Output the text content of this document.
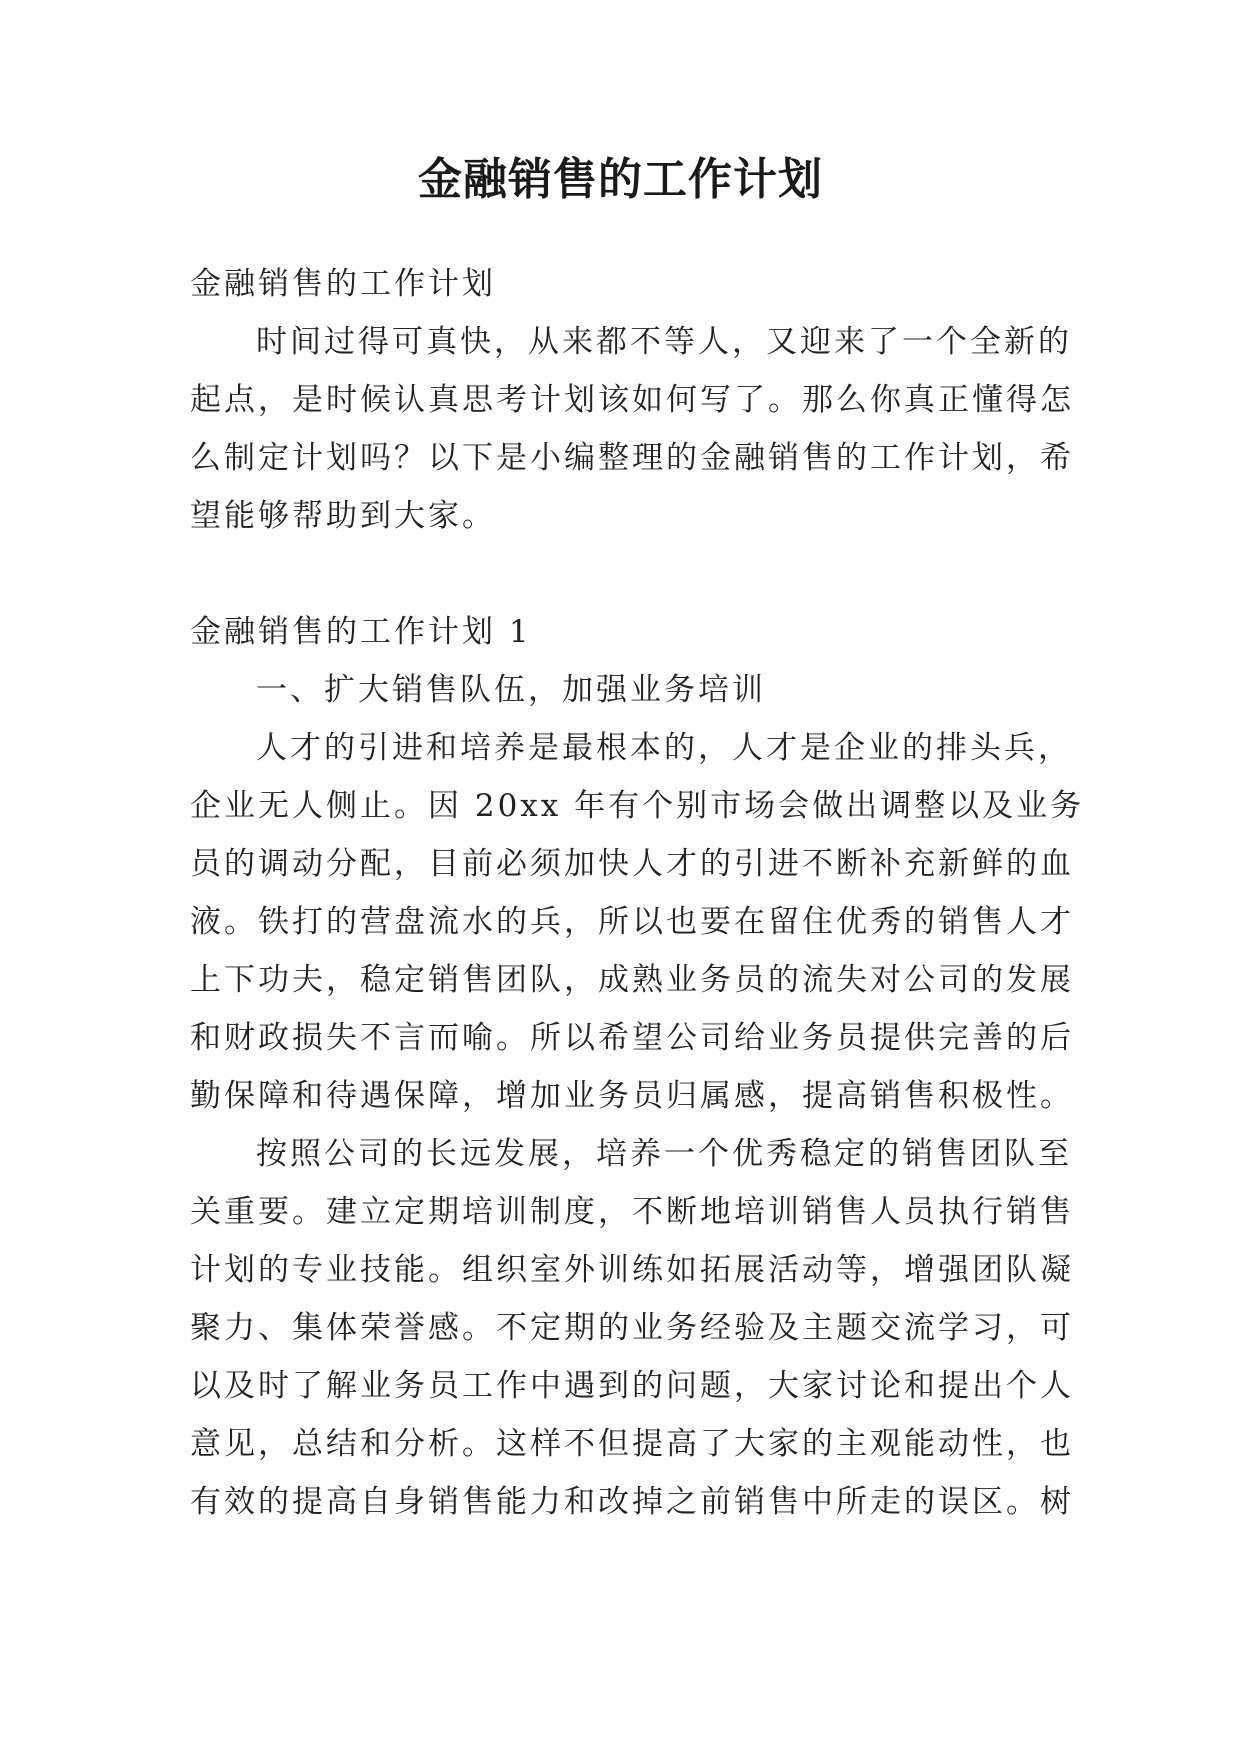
金融销售的工作计划
金融销售的工作计划
时间过得可真快，从来都不等人，又迎来了一个全新的
起点，是时候认真思考计划该如何写了。那么你真正懂得怎
么制定计划吗？以下是小编整理的金融销售的工作计划，希
望能够帮助到大家。
金融销售的工作计划 1
一、扩大销售队伍，加强业务培训
人才的引进和培养是最根本的，人才是企业的排头兵，
企业无人侧止。因 20xx 年有个别市场会做出调整以及业务
员的调动分配，目前必须加快人才的引进不断补充新鲜的血
液。铁打的营盘流水的兵，所以也要在留住优秀的销售人才
上下功夫，稳定销售团队，成熟业务员的流失对公司的发展
和财政损失不言而喻。所以希望公司给业务员提供完善的后
勤保障和待遇保障，增加业务员归属感，提高销售积极性。
按照公司的长远发展，培养一个优秀稳定的销售团队至
关重要。建立定期培训制度，不断地培训销售人员执行销售
计划的专业技能。组织室外训练如拓展活动等，增强团队凝
聚力、集体荣誉感。不定期的业务经验及主题交流学习，可
以及时了解业务员工作中遇到的问题，大家讨论和提出个人
意见，总结和分析。这样不但提高了大家的主观能动性，也
有效的提高自身销售能力和改掉之前销售中所走的误区。树
